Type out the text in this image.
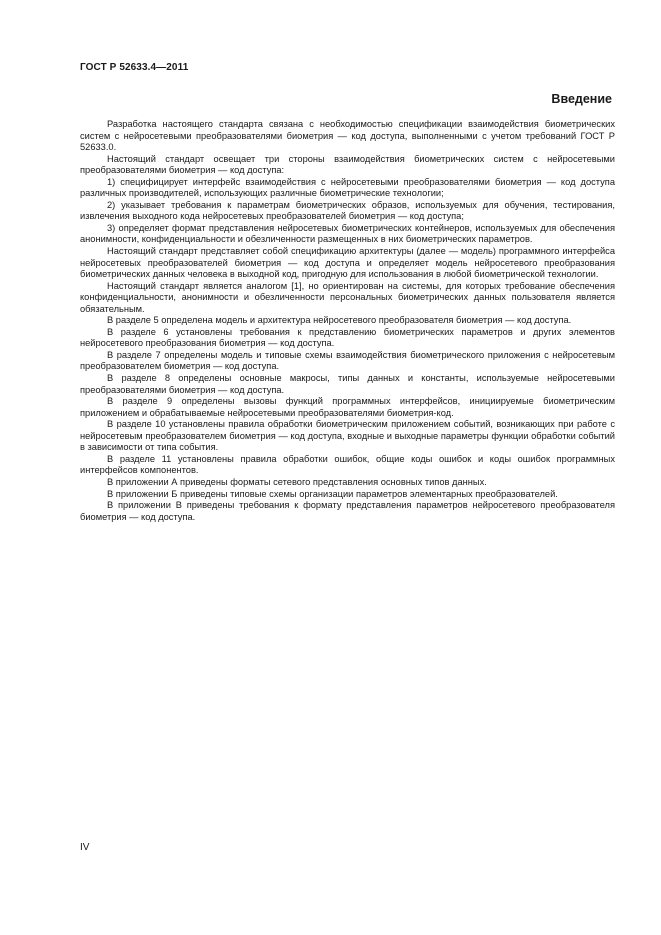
ГОСТ Р 52633.4—2011
Введение

Разработка настоящего стандарта связана с необходимостью спецификации взаимодействия биометрических систем с нейросетевыми преобразователями биометрия — код доступа, выполненными с учетом требований ГОСТ Р 52633.0.

Настоящий стандарт освещает три стороны взаимодействия биометрических систем с нейросетевыми преобразователями биометрия — код доступа:

1) специфицирует интерфейс взаимодействия с нейросетевыми преобразователями биометрия — код доступа различных производителей, использующих различные биометрические технологии;

2) указывает требования к параметрам биометрических образов, используемых для обучения, тестирования, извлечения выходного кода нейросетевых преобразователей биометрия — код доступа;

3) определяет формат представления нейросетевых биометрических контейнеров, используемых для обеспечения анонимности, конфиденциальности и обезличенности размещенных в них биометрических параметров.

Настоящий стандарт представляет собой спецификацию архитектуры (далее — модель) программного интерфейса нейросетевых преобразователей биометрия — код доступа и определяет модель нейросетевого преобразования биометрических данных человека в выходной код, пригодную для использования в любой биометрической технологии.

Настоящий стандарт является аналогом [1], но ориентирован на системы, для которых требование обеспечения конфиденциальности, анонимности и обезличенности персональных биометрических данных пользователя является обязательным.

В разделе 5 определена модель и архитектура нейросетевого преобразователя биометрия — код доступа.

В разделе 6 установлены требования к представлению биометрических параметров и других элементов нейросетевого преобразования биометрия — код доступа.

В разделе 7 определены модель и типовые схемы взаимодействия биометрического приложения с нейросетевым преобразователем биометрия — код доступа.

В разделе 8 определены основные макросы, типы данных и константы, используемые нейросетевыми преобразователями биометрия — код доступа.

В разделе 9 определены вызовы функций программных интерфейсов, инициируемые биометрическим приложением и обрабатываемые нейросетевыми преобразователями биометрия-код.

В разделе 10 установлены правила обработки биометрическим приложением событий, возникающих при работе с нейросетевым преобразователем биометрия — код доступа, входные и выходные параметры функции обработки событий в зависимости от типа события.

В разделе 11 установлены правила обработки ошибок, общие коды ошибок и коды ошибок программных интерфейсов компонентов.

В приложении А приведены форматы сетевого представления основных типов данных.

В приложении Б приведены типовые схемы организации параметров элементарных преобразователей.

В приложении В приведены требования к формату представления параметров нейросетевого преобразователя биометрия — код доступа.

IV
